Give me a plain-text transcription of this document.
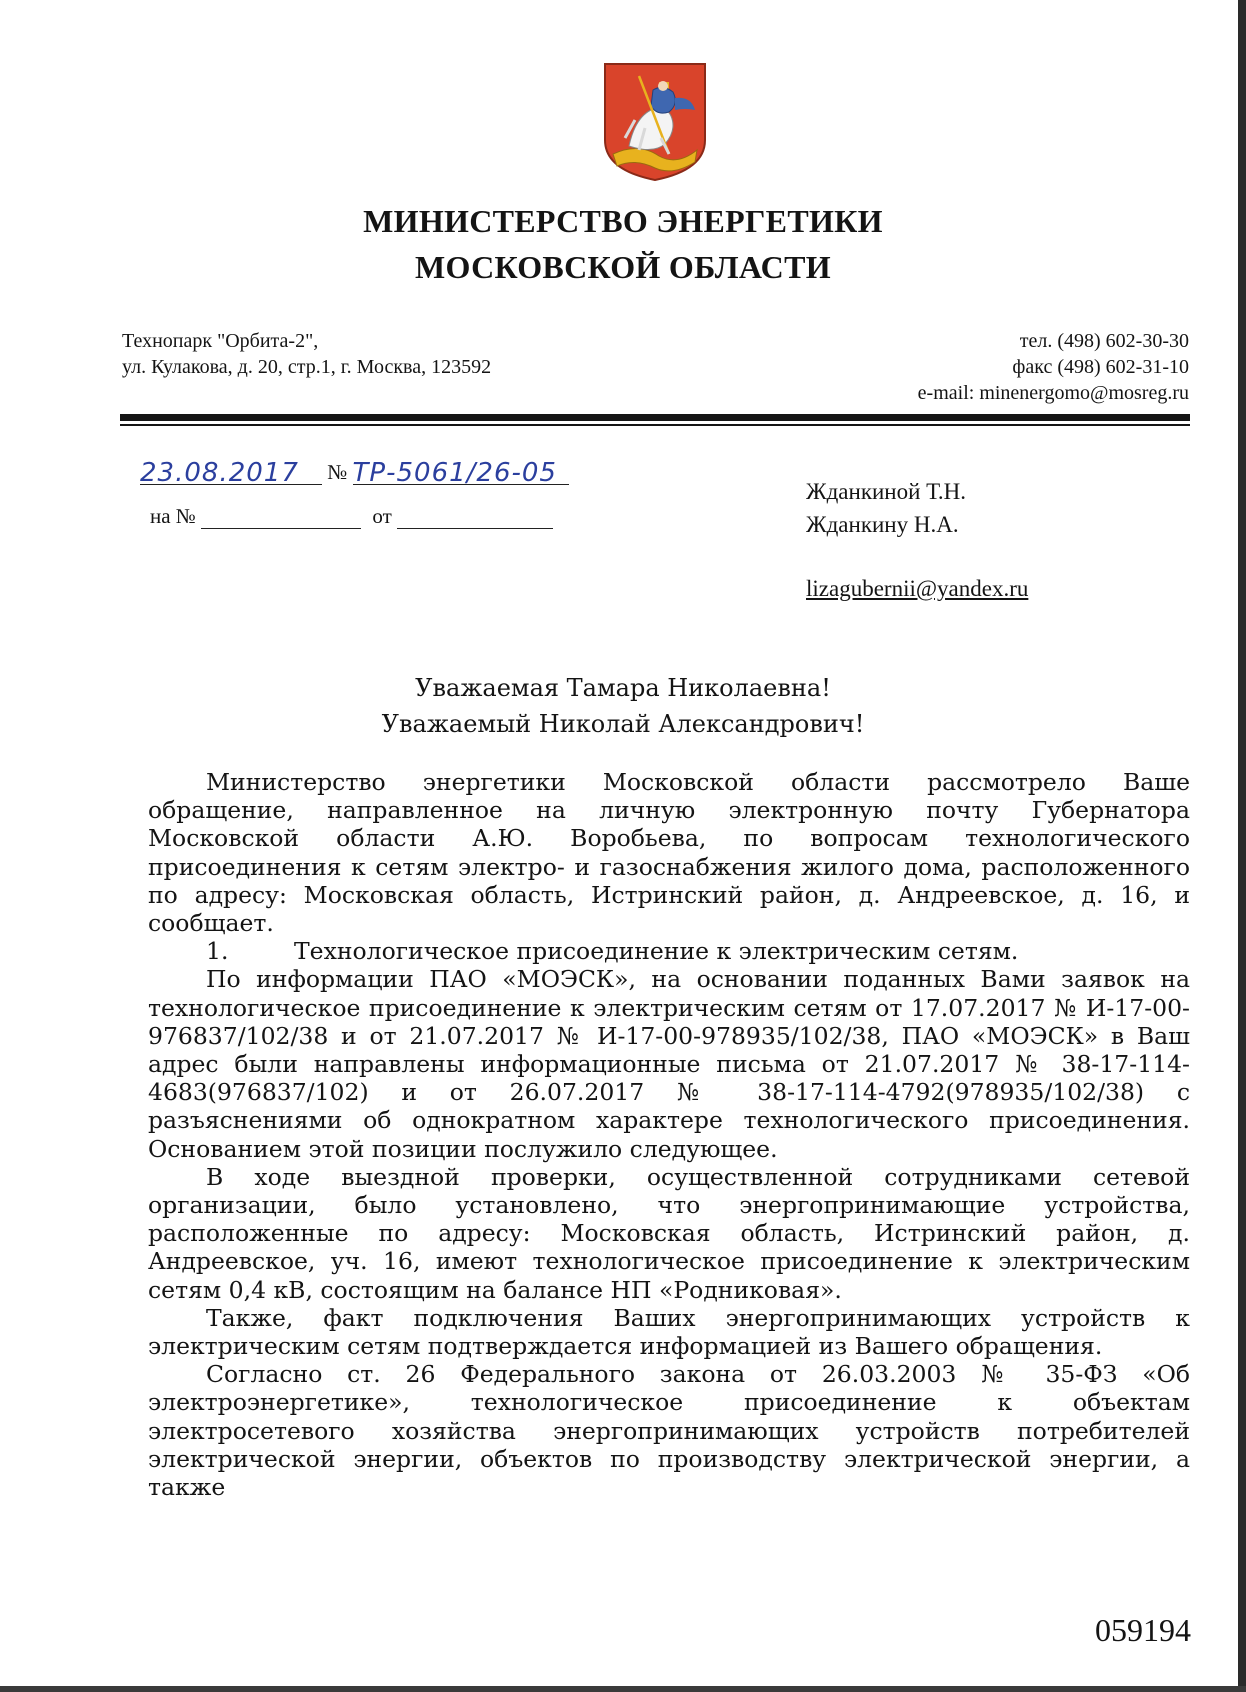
МИНИСТЕРСТВО ЭНЕРГЕТИКИ
МОСКОВСКОЙ ОБЛАСТИ
Технопарк "Орбита-2",
ул. Кулакова, д. 20, стр.1, г. Москва, 123592
тел. (498) 602-30-30
факс (498) 602-31-10
e-mail: minenergomo@mosreg.ru
23.08.2017 № ТР-5061/26-05
на №	от
Жданкиной Т.Н.
Жданкину Н.А.
lizagubernii@yandex.ru
Уважаемая Тамара Николаевна!
Уважаемый Николай Александрович!

Министерство энергетики Московской области рассмотрело Ваше обращение, направленное на личную электронную почту Губернатора Московской области А.Ю. Воробьева, по вопросам технологического присоединения к сетям электро- и газоснабжения жилого дома, расположенного по адресу: Московская область, Истринский район, д. Андреевское, д. 16, и сообщает.

1.	Технологическое присоединение к электрическим сетям.

По информации ПАО «МОЭСК», на основании поданных Вами заявок на технологическое присоединение к электрическим сетям от 17.07.2017 № И-17-00-976837/102/38 и от 21.07.2017 № И-17-00-978935/102/38, ПАО «МОЭСК» в Ваш адрес были направлены информационные письма от 21.07.2017 № 38-17-114-4683(976837/102) и от 26.07.2017 № 38-17-114-4792(978935/102/38) с разъяснениями об однократном характере технологического присоединения. Основанием этой позиции послужило следующее.

В ходе выездной проверки, осуществленной сотрудниками сетевой организации, было установлено, что энергопринимающие устройства, расположенные по адресу: Московская область, Истринский район, д. Андреевское, уч. 16, имеют технологическое присоединение к электрическим сетям 0,4 кВ, состоящим на балансе НП «Родниковая».

Также, факт подключения Ваших энергопринимающих устройств к электрическим сетям подтверждается информацией из Вашего обращения.

Согласно ст. 26 Федерального закона от 26.03.2003 № 35-ФЗ «Об электроэнергетике», технологическое присоединение к объектам электросетевого хозяйства энергопринимающих устройств потребителей электрической энергии, объектов по производству электрической энергии, а также

059194
